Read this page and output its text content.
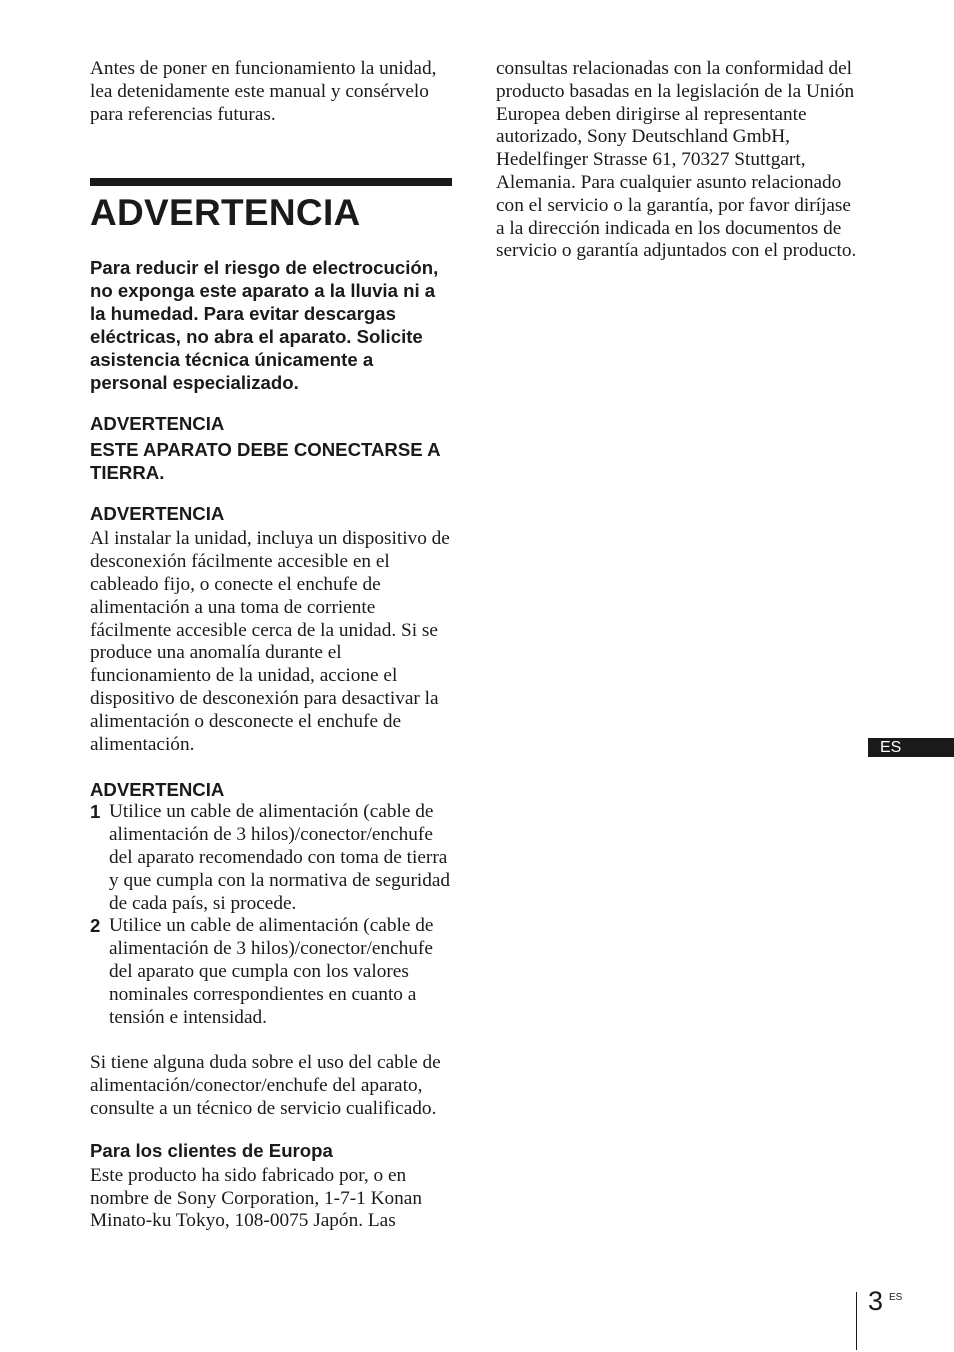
Antes de poner en funcionamiento la unidad, lea detenidamente este manual y consérvelo para referencias futuras.

ADVERTENCIA

Para reducir el riesgo de electrocución, no exponga este aparato a la lluvia ni a la humedad. Para evitar descargas eléctricas, no abra el aparato. Solicite asistencia técnica únicamente a personal especializado.

ADVERTENCIA
ESTE APARATO DEBE CONECTARSE A TIERRA.
ADVERTENCIA

Al instalar la unidad, incluya un dispositivo de desconexión fácilmente accesible en el cableado fijo, o conecte el enchufe de alimentación a una toma de corriente fácilmente accesible cerca de la unidad. Si se produce una anomalía durante el funcionamiento de la unidad, accione el dispositivo de desconexión para desactivar la alimentación o desconecte el enchufe de alimentación.

ADVERTENCIA
1 Utilice un cable de alimentación (cable de alimentación de 3 hilos)/conector/enchufe del aparato recomendado con toma de tierra y que cumpla con la normativa de seguridad de cada país, si procede.
2 Utilice un cable de alimentación (cable de alimentación de 3 hilos)/conector/enchufe del aparato que cumpla con los valores nominales correspondientes en cuanto a tensión e intensidad.

Si tiene alguna duda sobre el uso del cable de alimentación/conector/enchufe del aparato, consulte a un técnico de servicio cualificado.

Para los clientes de Europa

Este producto ha sido fabricado por, o en nombre de Sony Corporation, 1-7-1 Konan Minato-ku Tokyo, 108-0075 Japón. Las

consultas relacionadas con la conformidad del producto basadas en la legislación de la Unión Europea deben dirigirse al representante autorizado, Sony Deutschland GmbH, Hedelfinger Strasse 61, 70327 Stuttgart, Alemania. Para cualquier asunto relacionado con el servicio o la garantía, por favor diríjase a la dirección indicada en los documentos de servicio o garantía adjuntados con el producto.

ES
3 ES
